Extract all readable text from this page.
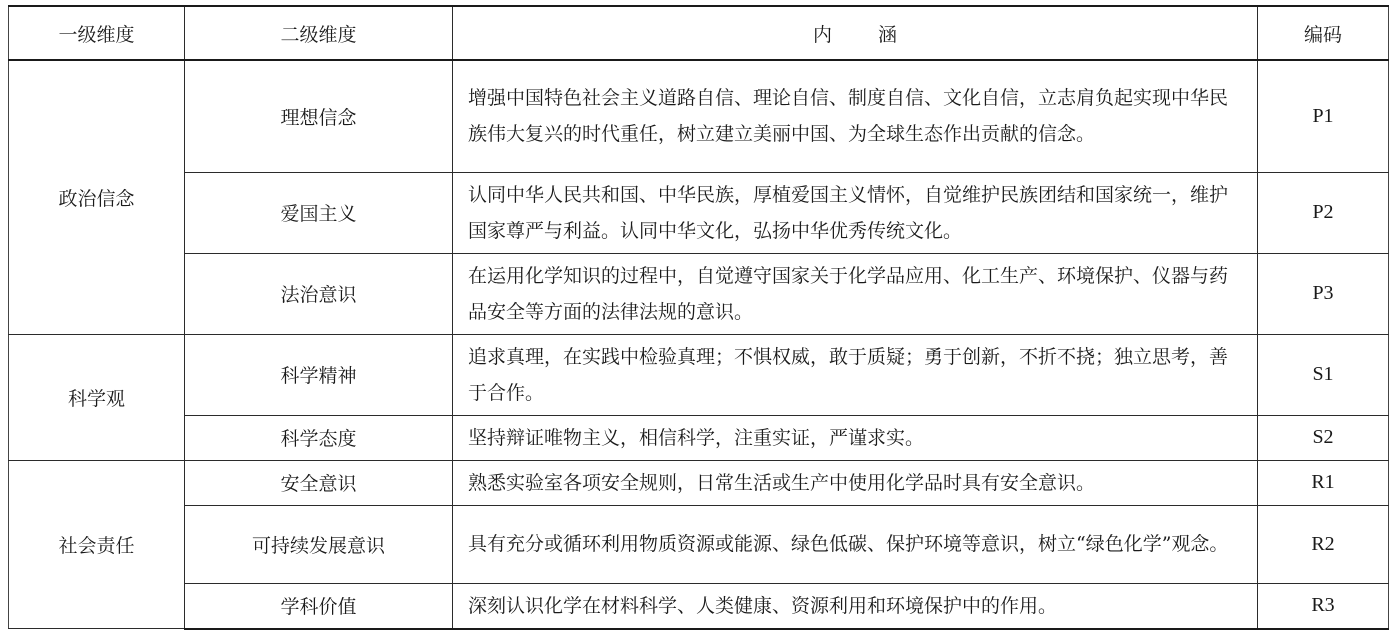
一级维度	二级维度	内 涵	编码
政治信念	理想信念	增强中国特色社会主义道路自信、理论自信、制度自信、文化自信，立志肩负起实现中华民族伟大复兴的时代重任，树立建立美丽中国、为全球生态作出贡献的信念。	P1
	爱国主义	认同中华人民共和国、中华民族，厚植爱国主义情怀，自觉维护民族团结和国家统一，维护国家尊严与利益。认同中华文化，弘扬中华优秀传统文化。	P2
	法治意识	在运用化学知识的过程中，自觉遵守国家关于化学品应用、化工生产、环境保护、仪器与药品安全等方面的法律法规的意识。	P3
科学观	科学精神	追求真理，在实践中检验真理；不惧权威，敢于质疑；勇于创新，不折不挠；独立思考，善于合作。	S1
	科学态度	坚持辩证唯物主义，相信科学，注重实证，严谨求实。	S2
社会责任	安全意识	熟悉实验室各项安全规则，日常生活或生产中使用化学品时具有安全意识。	R1
	可持续发展意识	具有充分或循环利用物质资源或能源、绿色低碳、保护环境等意识，树立“绿色化学”观念。	R2
	学科价值	深刻认识化学在材料科学、人类健康、资源利用和环境保护中的作用。	R3
